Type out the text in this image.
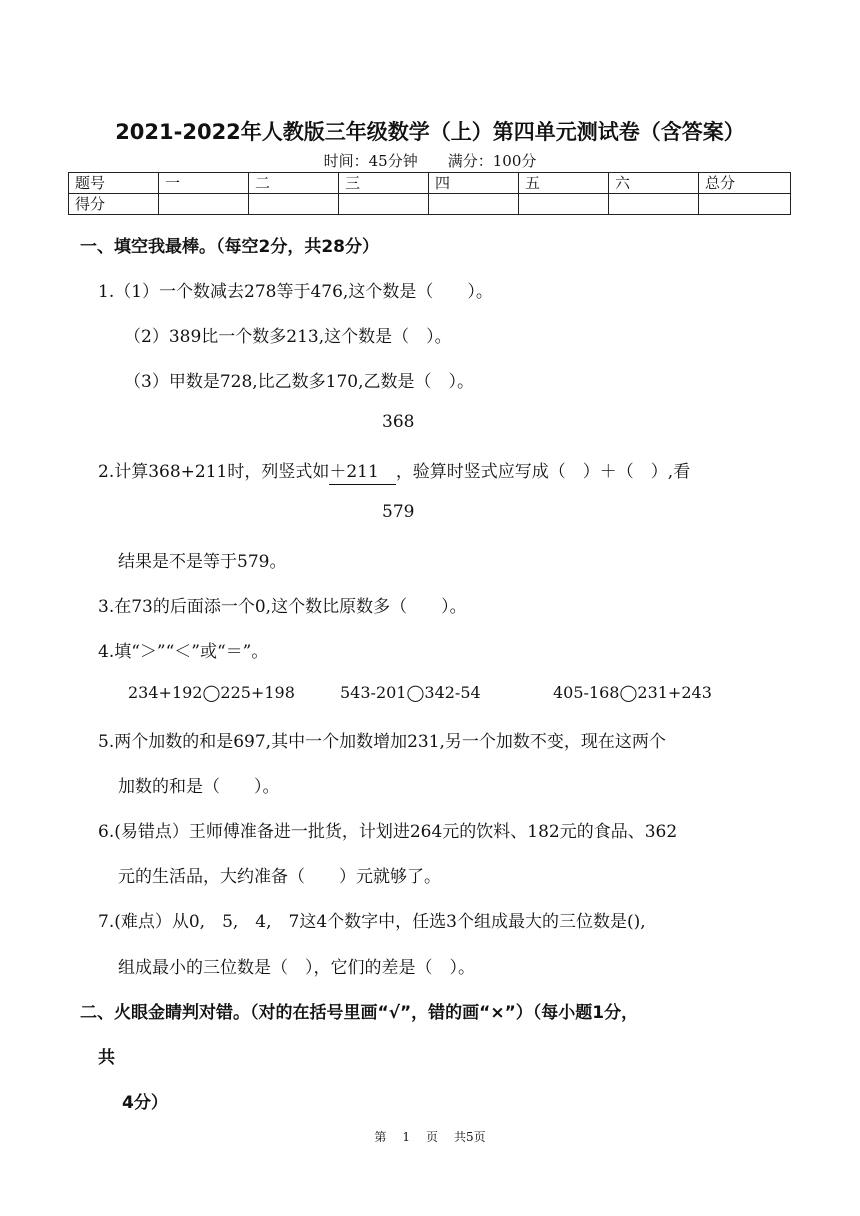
2021-2022年人教版三年级数学（上）第四单元测试卷（含答案）
时间：45分钟　　满分：100分
题号	一	二	三	四	五	六	总分
得分							
一、填空我最棒。（每空2分，共28分）
1.（1）一个数减去278等于476,这个数是（　　）。
（2）389比一个数多213,这个数是（　）。
（3）甲数是728,比乙数多170,乙数是（　）。
368
2.计算368+211时，列竖式如＋211　，验算时竖式应写成（　）＋（　）,看
579
结果是不是等于579。
3.在73的后面添一个0,这个数比原数多（　　）。
4.填“＞”“＜”或“＝”。
234+192◯225+198	543-201◯342-54	405-168◯231+243
5.两个加数的和是697,其中一个加数增加231,另一个加数不变，现在这两个
加数的和是（　　）。
6.(易错点）王师傅准备进一批货，计划进264元的饮料、182元的食品、362
元的生活品，大约准备（　　）元就够了。
7.(难点）从0,　5,　4,　7这4个数字中，任选3个组成最大的三位数是(),
组成最小的三位数是（　），它们的差是（　）。
二、火眼金睛判对错。（对的在括号里画“√”，错的画“×”）（每小题1分，
共
4分）
第 1 页 共5页
